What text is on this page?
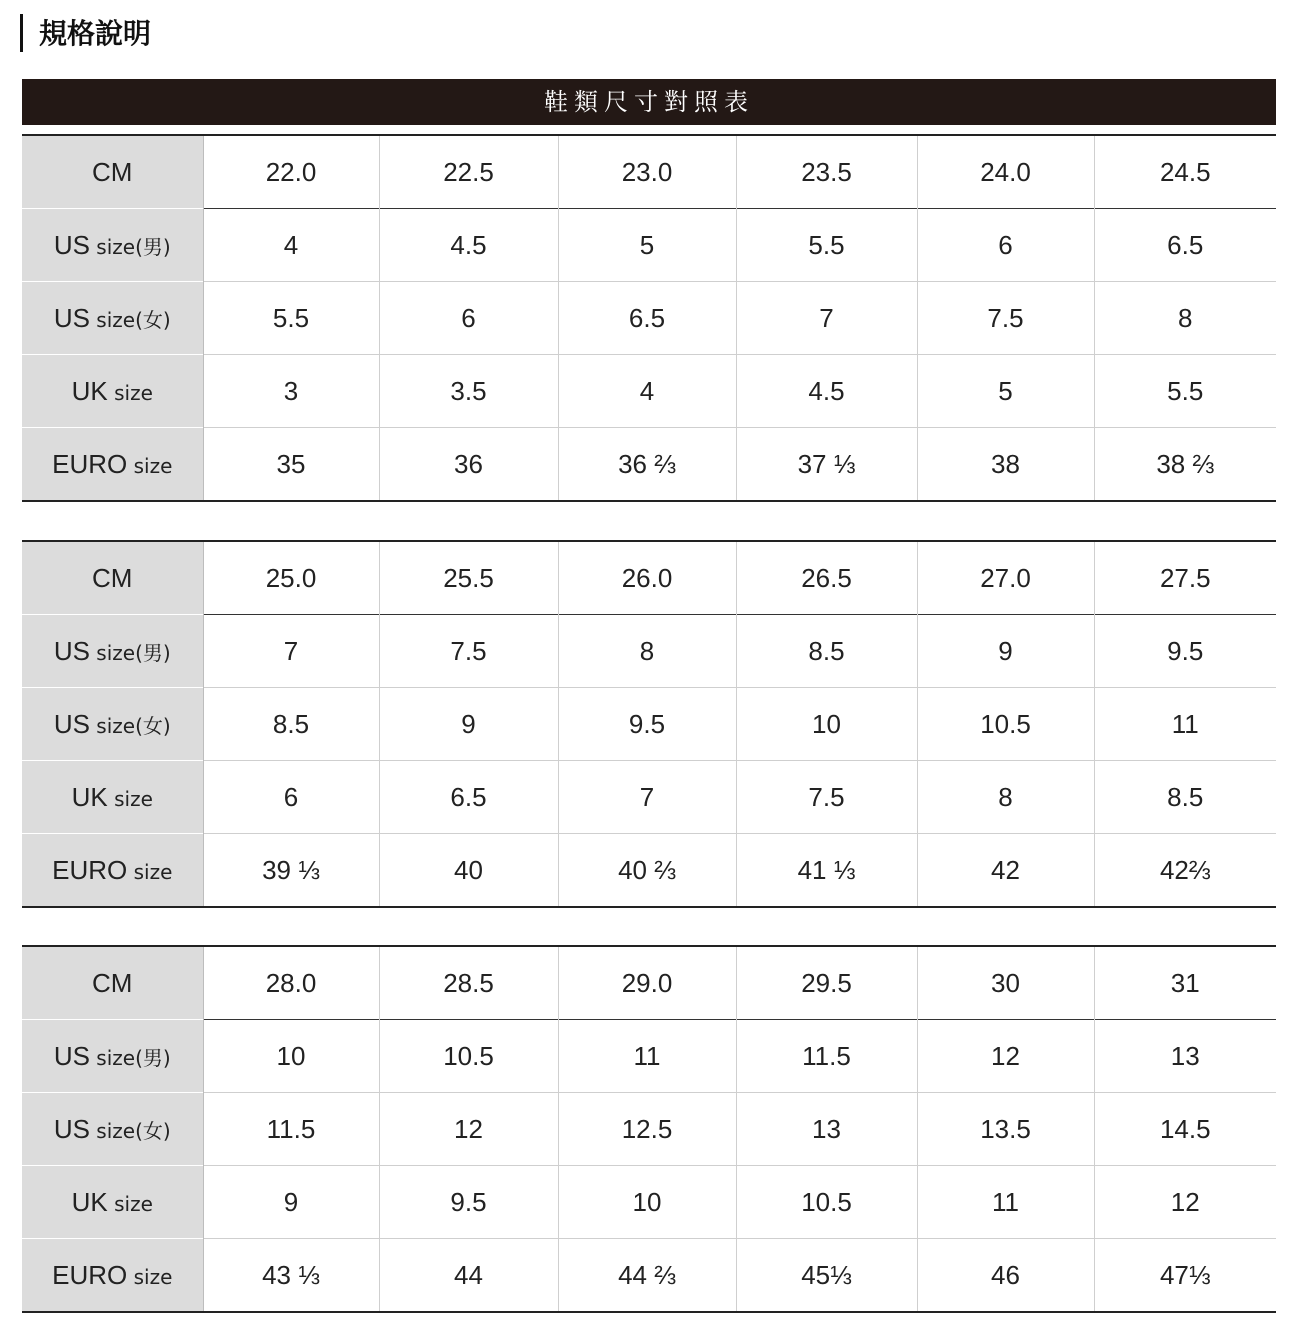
規格說明
鞋類尺寸對照表
CM	22.0	22.5	23.0	23.5	24.0	24.5
US size(男)	4	4.5	5	5.5	6	6.5
US size(女)	5.5	6	6.5	7	7.5	8
UK size	3	3.5	4	4.5	5	5.5
EURO size	35	36	36 ⅔	37 ⅓	38	38 ⅔
CM	25.0	25.5	26.0	26.5	27.0	27.5
US size(男)	7	7.5	8	8.5	9	9.5
US size(女)	8.5	9	9.5	10	10.5	11
UK size	6	6.5	7	7.5	8	8.5
EURO size	39 ⅓	40	40 ⅔	41 ⅓	42	42⅔
CM	28.0	28.5	29.0	29.5	30	31
US size(男)	10	10.5	11	11.5	12	13
US size(女)	11.5	12	12.5	13	13.5	14.5
UK size	9	9.5	10	10.5	11	12
EURO size	43 ⅓	44	44 ⅔	45⅓	46	47⅓
